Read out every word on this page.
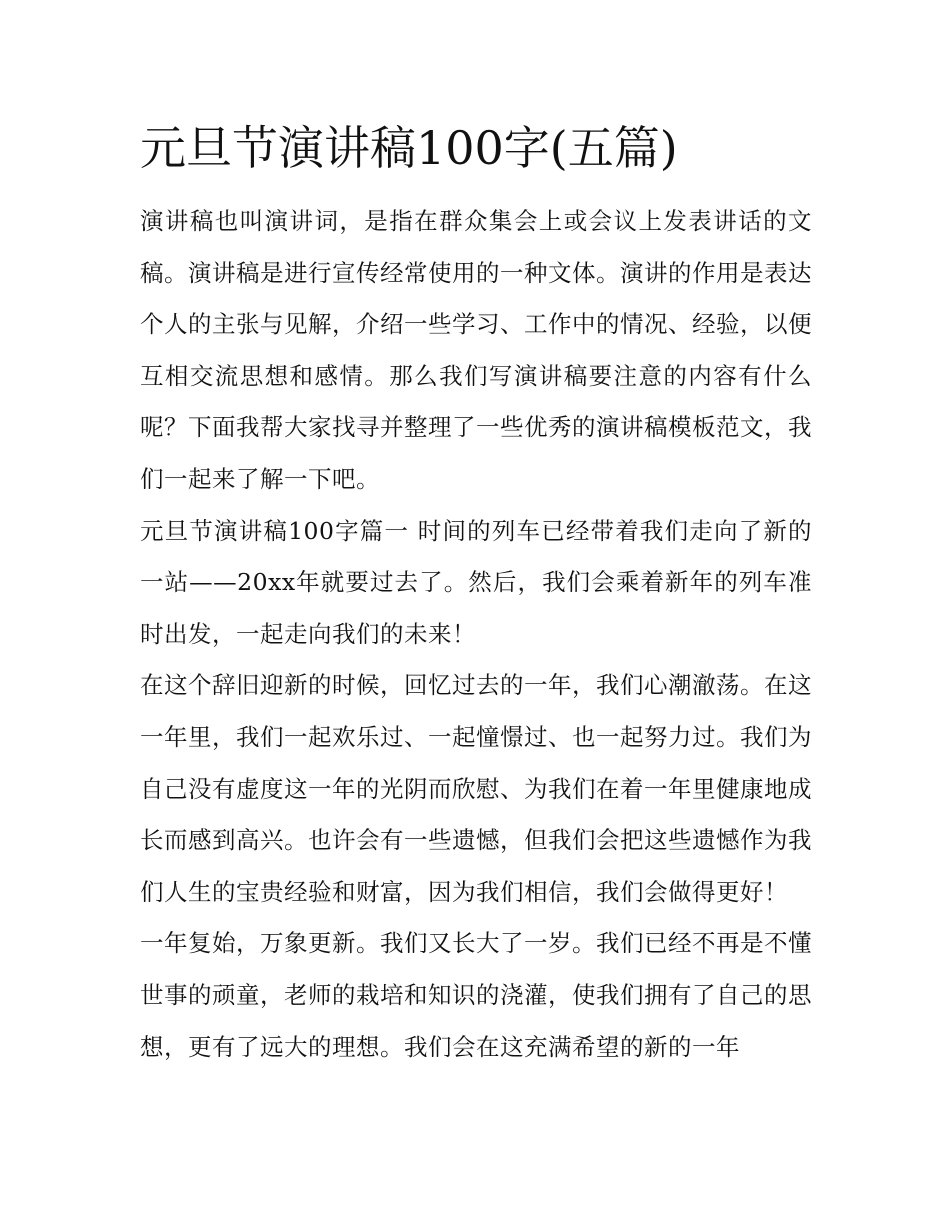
元旦节演讲稿100字(五篇)

演讲稿也叫演讲词，是指在群众集会上或会议上发表讲话的文稿。演讲稿是进行宣传经常使用的一种文体。演讲的作用是表达个人的主张与见解，介绍一些学习、工作中的情况、经验，以便互相交流思想和感情。那么我们写演讲稿要注意的内容有什么呢？下面我帮大家找寻并整理了一些优秀的演讲稿模板范文，我们一起来了解一下吧。

元旦节演讲稿100字篇一 时间的列车已经带着我们走向了新的一站——20xx年就要过去了。然后，我们会乘着新年的列车准时出发，一起走向我们的未来！

在这个辞旧迎新的时候，回忆过去的一年，我们心潮澈荡。在这一年里，我们一起欢乐过、一起憧憬过、也一起努力过。我们为自己没有虚度这一年的光阴而欣慰、为我们在着一年里健康地成长而感到高兴。也许会有一些遗憾，但我们会把这些遗憾作为我们人生的宝贵经验和财富，因为我们相信，我们会做得更好！

一年复始，万象更新。我们又长大了一岁。我们已经不再是不懂世事的顽童，老师的栽培和知识的浇灌，使我们拥有了自己的思想，更有了远大的理想。我们会在这充满希望的新的一年
